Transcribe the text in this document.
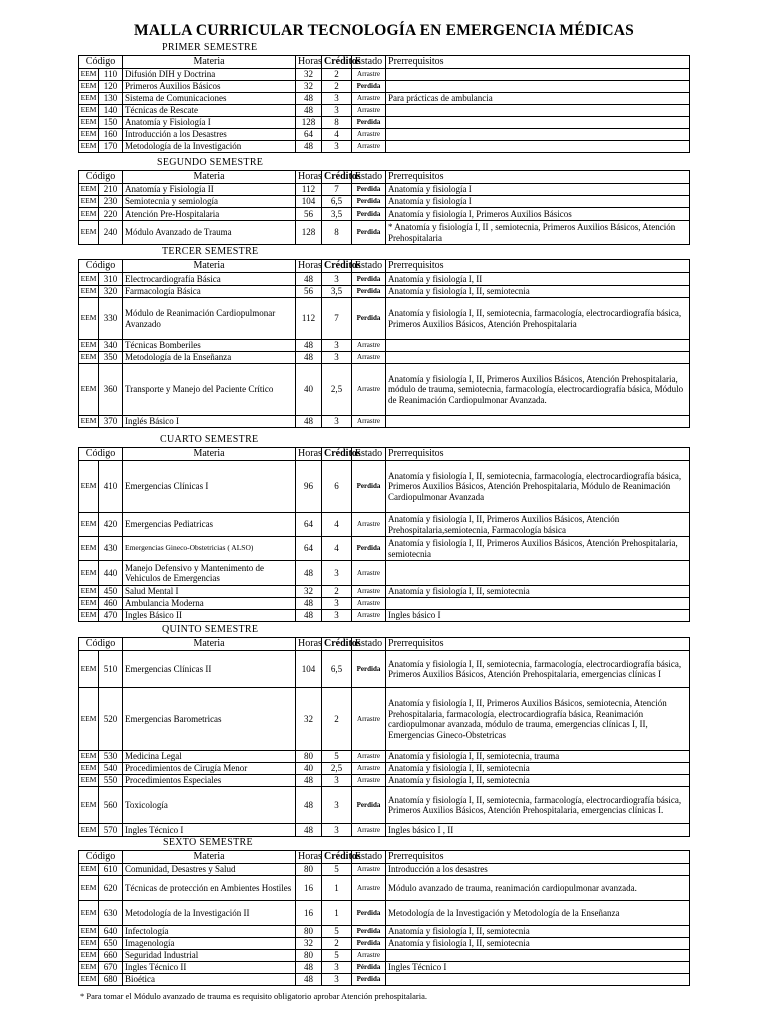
MALLA CURRICULAR TECNOLOGÍA EN EMERGENCIA MÉDICAS
PRIMER SEMESTRE
Código		Materia	Horas	Créditos	Estado	Prerrequisitos
EEM	110	Difusión DIH y Doctrina	32	2	Arrastre	
EEM	120	Primeros Auxilios Básicos	32	2	Perdida	
EEM	130	Sistema de Comunicaciones	48	3	Arrastre	Para prácticas de ambulancia
EEM	140	Técnicas de Rescate	48	3	Arrastre	
EEM	150	Anatomía y Fisiología I	128	8	Perdida	
EEM	160	Introducción a los Desastres	64	4	Arrastre	
EEM	170	Metodología de la Investigación	48	3	Arrastre	
SEGUNDO SEMESTRE
Código		Materia	Horas	Créditos	Estado	Prerrequisitos
EEM	210	Anatomía y Fisiología II	112	7	Perdida	Anatomía y fisiología I
EEM	230	Semiotecnia y semiología	104	6,5	Perdida	Anatomía y fisiología I
EEM	220	Atención Pre-Hospitalaria	56	3,5	Perdida	Anatomía y fisiología I, Primeros Auxilios Básicos
EEM	240	Módulo Avanzado de Trauma	128	8	Perdida	* Anatomía y fisiología I, II , semiotecnia, Primeros Auxilios Básicos, Atención Prehospitalaria
TERCER SEMESTRE
Código		Materia	Horas	Créditos	Estado	Prerrequisitos
EEM	310	Electrocardiografía Básica	48	3	Perdida	Anatomía y fisiología I, II
EEM	320	Farmacología Básica	56	3,5	Perdida	Anatomía y fisiología I, II, semiotecnia
EEM	330	Módulo de Reanimación Cardiopulmonar Avanzado	112	7	Perdida	Anatomía y fisiología I, II, semiotecnia, farmacología, electrocardiografía básica, Primeros Auxilios Básicos, Atención Prehospitalaria
EEM	340	Técnicas Bomberiles	48	3	Arrastre	
EEM	350	Metodología de la Enseñanza	48	3	Arrastre	
EEM	360	Transporte y Manejo del Paciente Crítico	40	2,5	Arrastre	Anatomía y fisiología I, II, Primeros Auxilios Básicos, Atención Prehospitalaria, módulo de trauma, semiotecnia, farmacología, electrocardiografía básica, Módulo de Reanimación Cardiopulmonar Avanzada.
EEM	370	Inglés Básico I	48	3	Arrastre	
CUARTO SEMESTRE
Código		Materia	Horas	Créditos	Estado	Prerrequisitos
EEM	410	Emergencias Clínicas I	96	6	Perdida	Anatomía y fisiología I, II, semiotecnia, farmacología, electrocardiografía básica, Primeros Auxilios Básicos, Atención Prehospitalaria, Módulo de Reanimación Cardiopulmonar Avanzada
EEM	420	Emergencias Pediatricas	64	4	Arrastre	Anatomía y fisiología I, II, Primeros Auxilios Básicos, Atención Prehospitalaria,semiotecnia, Farmacología básica
EEM	430	Emergencias Gineco-Obstetricias ( ALSO)	64	4	Perdida	Anatomía y fisiología I, II, Primeros Auxilios Básicos, Atención Prehospitalaria, semiotecnia
EEM	440	Manejo Defensivo y Mantenimento de Vehiculos de Emergencias	48	3	Arrastre	
EEM	450	Salud Mental I	32	2	Arrastre	Anatomía y fisiología I, II, semiotecnia
EEM	460	Ambulancia Moderna	48	3	Arrastre	
EEM	470	Ingles Básico II	48	3	Arrastre	Ingles básico I
QUINTO SEMESTRE
Código		Materia	Horas	Créditos	Estado	Prerrequisitos
EEM	510	Emergencias Clínicas II	104	6,5	Perdida	Anatomía y fisiología I, II, semiotecnia, farmacología, electrocardiografía básica, Primeros Auxilios Básicos, Atención Prehospitalaria, emergencias clínicas I
EEM	520	Emergencias Barometricas	32	2	Arrastre	Anatomía y fisiología I, II, Primeros Auxilios Básicos, semiotecnia, Atención Prehospitalaria, farmacología, electrocardiografía básica, Reanimación cardiopulmonar avanzada, módulo de trauma, emergencias clínicas I, II, Emergencias Gineco-Obstetricas
EEM	530	Medicina Legal	80	5	Arrastre	Anatomía y fisiología I, II, semiotecnia, trauma
EEM	540	Procedimientos de Cirugía Menor	40	2,5	Arrastre	Anatomía y fisiología I, II, semiotecnia
EEM	550	Procedimientos Especiales	48	3	Arrastre	Anatomía y fisiología I, II, semiotecnia
EEM	560	Toxicología	48	3	Perdida	Anatomía y fisiología I, II, semiotecnia, farmacología, electrocardiografía básica, Primeros Auxilios Básicos, Atención Prehospitalaria, emergencias clínicas I.
EEM	570	Ingles Técnico I	48	3	Arrastre	Ingles básico I , II
SEXTO SEMESTRE
Código		Materia	Horas	Créditos	Estado	Prerrequisitos
EEM	610	Comunidad, Desastres y Salud	80	5	Arrastre	Introducción a los desastres
EEM	620	Técnicas de protección en Ambientes Hostiles	16	1	Arrastre	Módulo avanzado de trauma, reanimación cardiopulmonar avanzada.
EEM	630	Metodología de la Investigación II	16	1	Perdida	Metodología de la Investigación y Metodología de la Enseñanza
EEM	640	Infectología	80	5	Perdida	Anatomía y fisiología I, II, semiotecnia
EEM	650	Imagenología	32	2	Perdida	Anatomía y fisiología I, II, semiotecnia
EEM	660	Seguridad Industrial	80	5	Arrastre	
EEM	670	Ingles Técnico II	48	3	Pérdida	Ingles Técnico I
EEM	680	Bioética	48	3	Perdida	
* Para tomar el Módulo avanzado de trauma es requisito obligatorio aprobar Atención prehospitalaria.
